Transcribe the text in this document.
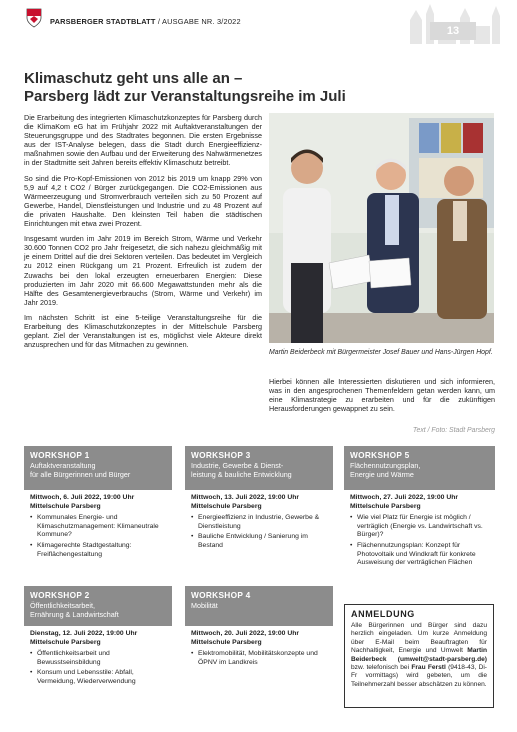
PARSBERGER STADTBLATT / AUSGABE NR. 3/2022
13
Klimaschutz geht uns alle an –
Parsberg lädt zur Veranstaltungsreihe im Juli

Die Erarbeitung des integrierten Klimaschutzkonzeptes für Parsberg durch die KlimaKom eG hat im Frühjahr 2022 mit Auftaktveranstaltungen der Steuerungsgruppe und des Stadtrates begonnen. Die ersten Ergebnisse aus der IST-Analyse belegen, dass die Stadt durch Energieeffizienz-maßnahmen sowie den Aufbau und der Erweiterung des Nahwärmenetzes in der Stadtmitte seit Jahren bereits effektiv Klimaschutz betreibt.

So sind die Pro-Kopf-Emissionen von 2012 bis 2019 um knapp 29% von 5,9 auf 4,2 t CO2 / Bürger zurückgegangen. Die CO2-Emissionen aus Wärmeerzeugung und Stromverbrauch verteilen sich zu 50 Prozent auf Gewerbe, Handel, Dienstleistungen und Industrie und zu 48 Prozent auf die privaten Haushalte. Den kleinsten Teil haben die städtischen Einrichtungen mit etwa zwei Prozent.

Insgesamt wurden im Jahr 2019 im Bereich Strom, Wärme und Verkehr 30.600 Tonnen CO2 pro Jahr freigesetzt, die sich nahezu gleichmäßig mit je einem Drittel auf die drei Sektoren verteilen. Das bedeutet im Vergleich zu 2012 einen Rückgang um 21 Prozent. Erfreulich ist zudem der Zuwachs bei den lokal erzeugten erneuerbaren Energien: Diese produzierten im Jahr 2020 mit 66.600 Megawattstunden mehr als die Hälfte des Gesamtenergieverbrauchs (Strom, Wärme und Verkehr) im Jahr 2019.

Im nächsten Schritt ist eine 5-teilige Veranstaltungsreihe für die Erarbeitung des Klimaschutzkonzeptes in der Mittelschule Parsberg geplant. Ziel der Veranstaltungen ist es, möglichst viele Akteure direkt anzusprechen und für das Mitmachen zu gewinnen.

Martin Beiderbeck mit Bürgermeister Josef Bauer und Hans-Jürgen Hopf.
Hierbei können alle Interessierten diskutieren und sich informieren, was in den angesprochenen Themenfeldern getan werden kann, um eine Klimastrategie zu erarbeiten und für die zukünftigen Herausforderungen gewappnet zu sein.
Text / Foto: Stadt Parsberg
WORKSHOP 1
Auftaktveranstaltung
für alle Bürgerinnen und Bürger
Mittwoch, 6. Juli 2022, 19:00 Uhr
Mittelschule Parsberg
• Kommunales Energie- und Klimaschutzmanagement: Klimaneutrale Kommune?
• Klimagerechte Stadtgestaltung: Freiflächengestaltung
WORKSHOP 3
Industrie, Gewerbe & Dienst-
leistung & bauliche Entwicklung
Mittwoch, 13. Juli 2022, 19:00 Uhr
Mittelschule Parsberg
• Energieeffizienz in Industrie, Gewerbe & Dienstleistung
• Bauliche Entwicklung / Sanierung im Bestand
WORKSHOP 5
Flächennutzungsplan,
Energie und Wärme
Mittwoch, 27. Juli 2022, 19:00 Uhr
Mittelschule Parsberg
• Wie viel Platz für Energie ist möglich / verträglich (Energie vs. Landwirtschaft vs. Bürger)?
• Flächennutzungsplan: Konzept für Photovoltaik und Windkraft für konkrete Ausweisung der verträglichen Flächen
WORKSHOP 2
Öffentlichkeitsarbeit,
Ernährung & Landwirtschaft
Dienstag, 12. Juli 2022, 19:00 Uhr
Mittelschule Parsberg
• Öffentlichkeitsarbeit und Bewusstseinsbildung
• Konsum und Lebensstile: Abfall, Vermeidung, Wiederverwendung
WORKSHOP 4
Mobilität
Mittwoch, 20. Juli 2022, 19:00 Uhr
Mittelschule Parsberg
• Elektromobilität, Mobilitätskonzepte und ÖPNV im Landkreis
ANMELDUNG
Alle Bürgerinnen und Bürger sind dazu herzlich eingeladen. Um kurze Anmeldung über E-Mail beim Beauftragten für Nachhaltigkeit, Energie und Umwelt Martin Beiderbeck (umwelt@stadt-parsberg.de) bzw. telefonisch bei Frau Ferstl (9418-43, Di-Fr vormittags) wird gebeten, um die Teilnehmerzahl besser abschätzen zu können.
